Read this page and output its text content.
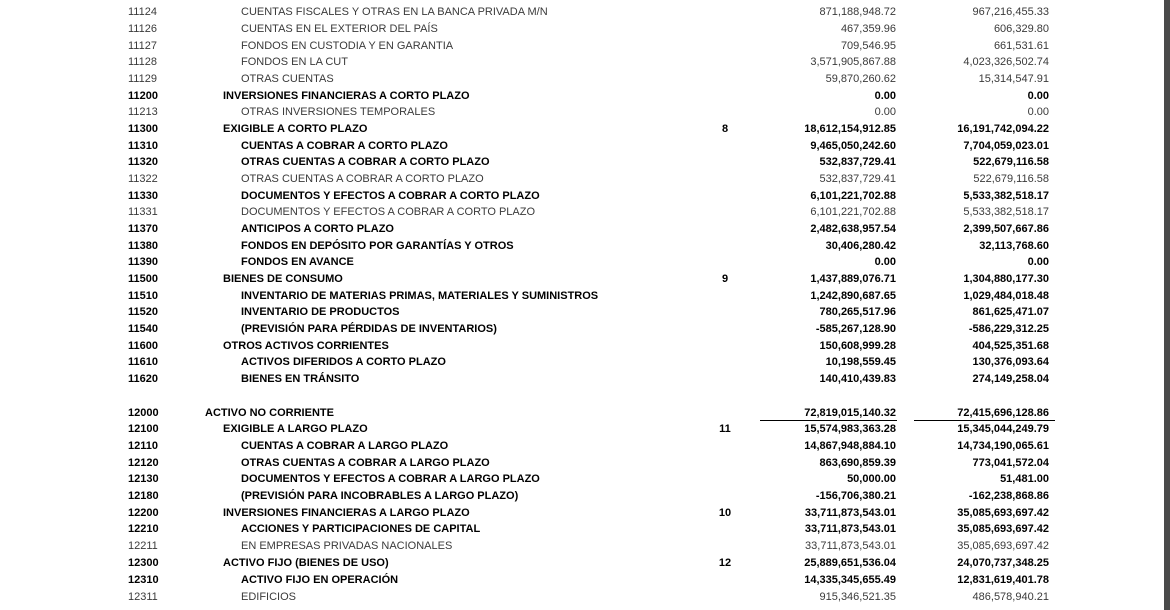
11124	CUENTAS FISCALES Y OTRAS EN LA BANCA PRIVADA M/N	871,188,948.72	967,216,455.33
11126	CUENTAS EN EL EXTERIOR DEL PAÍS	467,359.96	606,329.80
11127	FONDOS EN CUSTODIA Y EN GARANTIA	709,546.95	661,531.61
11128	FONDOS EN LA CUT	3,571,905,867.88	4,023,326,502.74
11129	OTRAS CUENTAS	59,870,260.62	15,314,547.91
11200	INVERSIONES FINANCIERAS A CORTO PLAZO	0.00	0.00
11213	OTRAS INVERSIONES TEMPORALES	0.00	0.00
11300	EXIGIBLE A CORTO PLAZO	8	18,612,154,912.85	16,191,742,094.22
11310	CUENTAS A COBRAR A CORTO PLAZO	9,465,050,242.60	7,704,059,023.01
11320	OTRAS CUENTAS A COBRAR A CORTO PLAZO	532,837,729.41	522,679,116.58
11322	OTRAS CUENTAS A COBRAR A CORTO PLAZO	532,837,729.41	522,679,116.58
11330	DOCUMENTOS Y EFECTOS A COBRAR A CORTO PLAZO	6,101,221,702.88	5,533,382,518.17
11331	DOCUMENTOS Y EFECTOS A COBRAR A CORTO PLAZO	6,101,221,702.88	5,533,382,518.17
11370	ANTICIPOS A CORTO PLAZO	2,482,638,957.54	2,399,507,667.86
11380	FONDOS EN DEPÓSITO POR GARANTÍAS Y OTROS	30,406,280.42	32,113,768.60
11390	FONDOS EN AVANCE	0.00	0.00
11500	BIENES DE CONSUMO	9	1,437,889,076.71	1,304,880,177.30
11510	INVENTARIO DE MATERIAS PRIMAS, MATERIALES Y SUMINISTROS	1,242,890,687.65	1,029,484,018.48
11520	INVENTARIO DE PRODUCTOS	780,265,517.96	861,625,471.07
11540	(PREVISIÓN PARA PÉRDIDAS DE INVENTARIOS)	-585,267,128.90	-586,229,312.25
11600	OTROS ACTIVOS CORRIENTES	150,608,999.28	404,525,351.68
11610	ACTIVOS DIFERIDOS A CORTO PLAZO	10,198,559.45	130,376,093.64
11620	BIENES EN TRÁNSITO	140,410,439.83	274,149,258.04
12000	ACTIVO NO CORRIENTE	72,819,015,140.32	72,415,696,128.86
12100	EXIGIBLE A LARGO PLAZO	11	15,574,983,363.28	15,345,044,249.79
12110	CUENTAS A COBRAR A LARGO PLAZO	14,867,948,884.10	14,734,190,065.61
12120	OTRAS CUENTAS A COBRAR A LARGO PLAZO	863,690,859.39	773,041,572.04
12130	DOCUMENTOS Y EFECTOS A COBRAR A LARGO PLAZO	50,000.00	51,481.00
12180	(PREVISIÓN PARA INCOBRABLES A LARGO PLAZO)	-156,706,380.21	-162,238,868.86
12200	INVERSIONES FINANCIERAS A LARGO PLAZO	10	33,711,873,543.01	35,085,693,697.42
12210	ACCIONES Y PARTICIPACIONES DE CAPITAL	33,711,873,543.01	35,085,693,697.42
12211	EN EMPRESAS PRIVADAS NACIONALES	33,711,873,543.01	35,085,693,697.42
12300	ACTIVO FIJO (BIENES DE USO)	12	25,889,651,536.04	24,070,737,348.25
12310	ACTIVO FIJO EN OPERACIÓN	14,335,345,655.49	12,831,619,401.78
12311	EDIFICIOS	915,346,521.35	486,578,940.21
